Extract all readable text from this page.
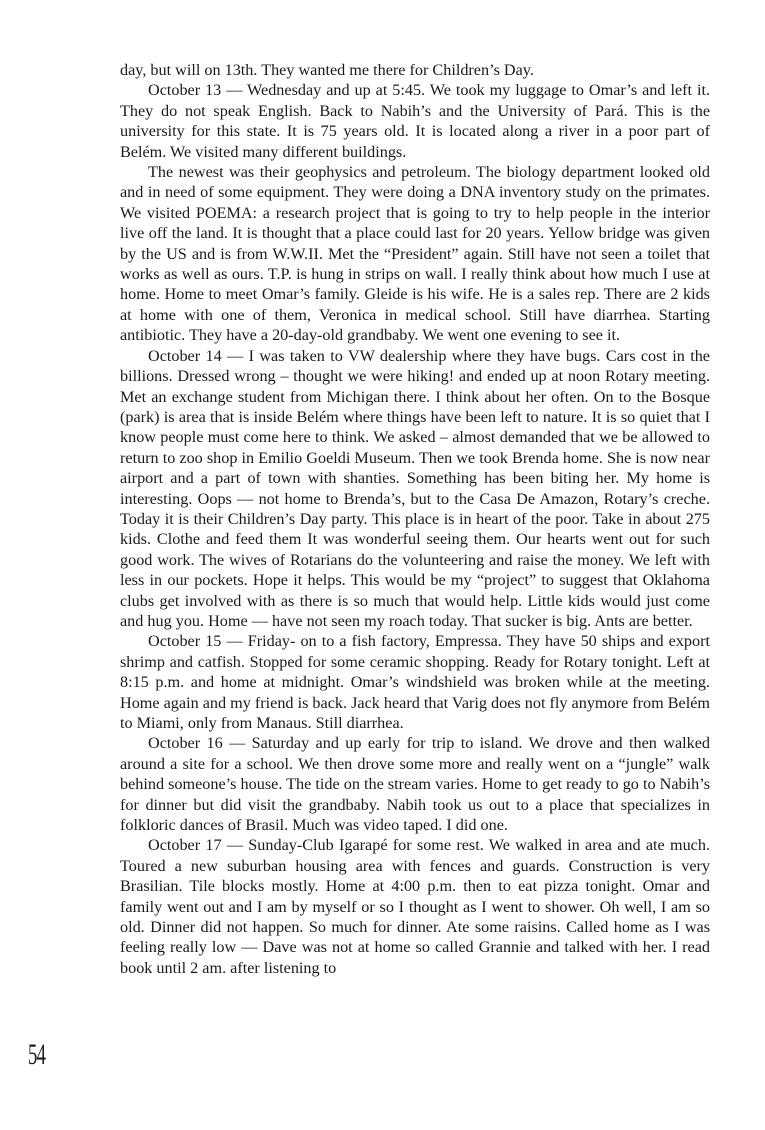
day, but will on 13th. They wanted me there for Children’s Day.

October 13 — Wednesday and up at 5:45. We took my luggage to Omar’s and left it. They do not speak English. Back to Nabih’s and the University of Pará. This is the university for this state. It is 75 years old. It is located along a river in a poor part of Belém. We visited many different buildings.

The newest was their geophysics and petroleum. The biology department looked old and in need of some equipment. They were doing a DNA inventory study on the primates. We visited POEMA: a research project that is going to try to help people in the interior live off the land. It is thought that a place could last for 20 years. Yellow bridge was given by the US and is from W.W.II. Met the “President” again. Still have not seen a toilet that works as well as ours. T.P. is hung in strips on wall. I really think about how much I use at home. Home to meet Omar’s family. Gleide is his wife. He is a sales rep. There are 2 kids at home with one of them, Veronica in medical school. Still have diarrhea. Starting antibiotic. They have a 20-day-old grandbaby. We went one evening to see it.

October 14 — I was taken to VW dealership where they have bugs. Cars cost in the billions. Dressed wrong – thought we were hiking! and ended up at noon Rotary meeting. Met an exchange student from Michigan there. I think about her often. On to the Bosque (park) is area that is inside Belém where things have been left to nature. It is so quiet that I know people must come here to think. We asked – almost demanded that we be allowed to return to zoo shop in Emilio Goeldi Museum. Then we took Brenda home. She is now near airport and a part of town with shanties. Something has been biting her. My home is interesting. Oops — not home to Brenda’s, but to the Casa De Amazon, Rotary’s creche. Today it is their Children’s Day party. This place is in heart of the poor. Take in about 275 kids. Clothe and feed them It was wonderful seeing them. Our hearts went out for such good work. The wives of Rotarians do the volunteering and raise the money. We left with less in our pockets. Hope it helps. This would be my “project” to suggest that Oklahoma clubs get involved with as there is so much that would help. Little kids would just come and hug you. Home — have not seen my roach today. That sucker is big. Ants are better.

October 15 — Friday- on to a fish factory, Empressa. They have 50 ships and export shrimp and catfish. Stopped for some ceramic shopping. Ready for Rotary tonight. Left at 8:15 p.m. and home at midnight. Omar’s windshield was broken while at the meeting. Home again and my friend is back. Jack heard that Varig does not fly anymore from Belém to Miami, only from Manaus. Still diarrhea.

October 16 — Saturday and up early for trip to island. We drove and then walked around a site for a school. We then drove some more and really went on a “jungle” walk behind someone’s house. The tide on the stream varies. Home to get ready to go to Nabih’s for dinner but did visit the grandbaby. Nabih took us out to a place that specializes in folkloric dances of Brasil. Much was video taped. I did one.

October 17 — Sunday-Club Igarapé for some rest. We walked in area and ate much. Toured a new suburban housing area with fences and guards. Construction is very Brasilian. Tile blocks mostly. Home at 4:00 p.m. then to eat pizza tonight. Omar and family went out and I am by myself or so I thought as I went to shower. Oh well, I am so old. Dinner did not happen. So much for dinner. Ate some raisins. Called home as I was feeling really low — Dave was not at home so called Grannie and talked with her. I read book until 2 am. after listening to

54
